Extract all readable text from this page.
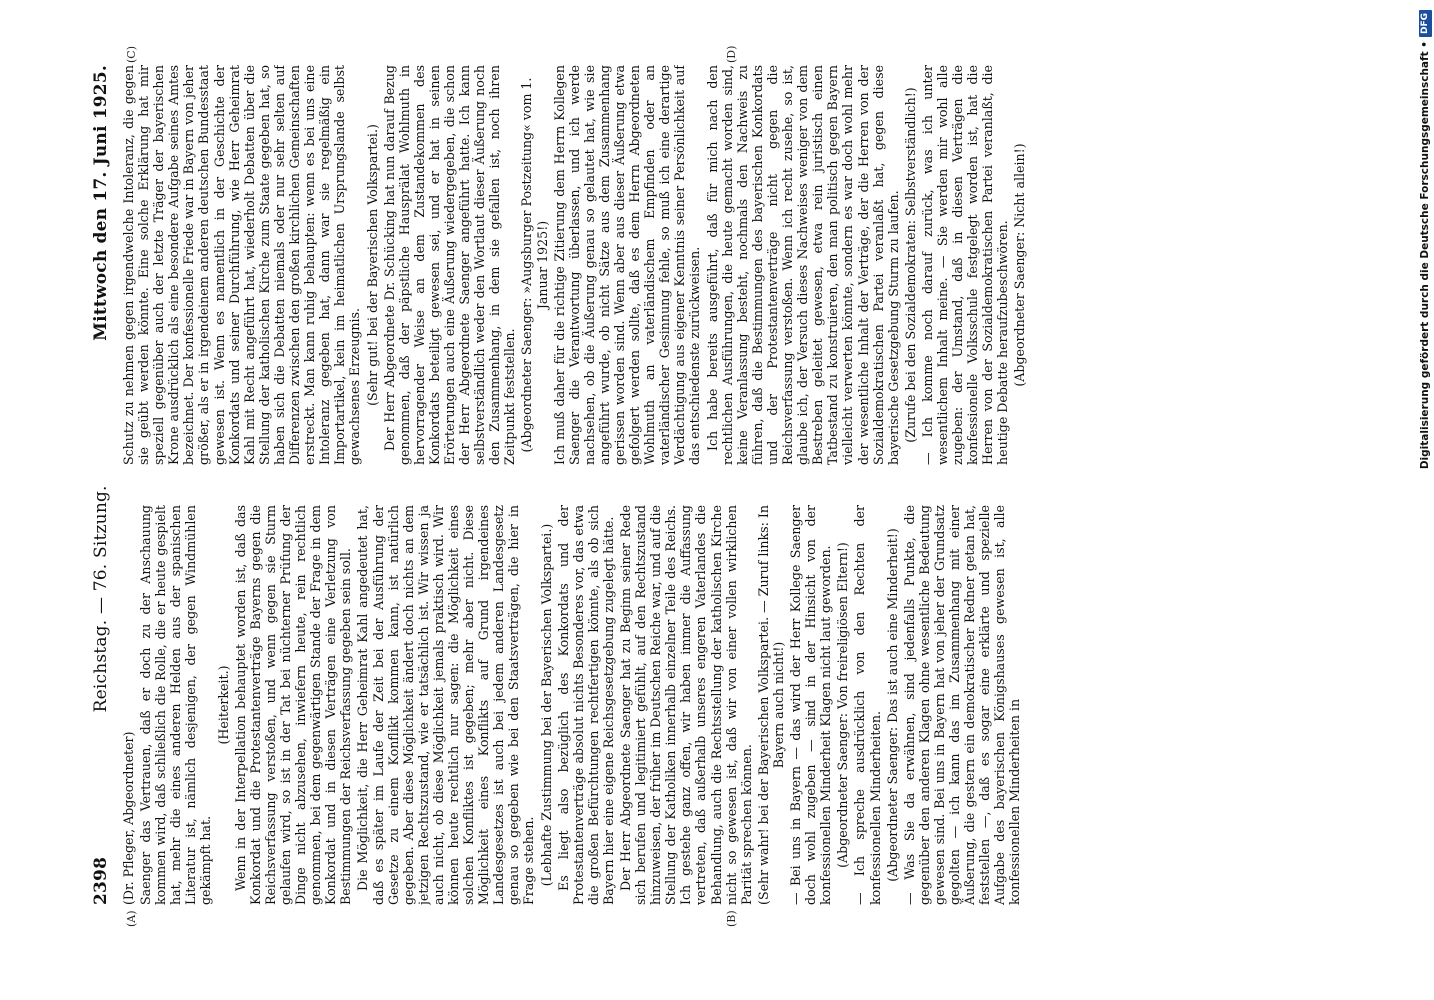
2398
Reichstag. — 76. Sitzung.
Mittwoch den 17. Juni 1925.
(A)	(B)
(C)	(D)

(Dr. Pfleger, Abgeordneter) Saenger das Vertrauen, daß er doch zu der Anschauung kommen wird, daß schließlich die Rolle, die er heute gespielt hat, mehr die eines anderen Helden aus der spanischen Literatur ist, nämlich desjenigen, der gegen Windmühlen gekämpft hat.

(Heiterkeit.) Wenn in der Interpellation behauptet worden ist, daß das Konkordat und die Protestantenverträge Bayerns gegen die Reichsverfassung verstoßen, und wenn gegen sie Sturm gelaufen wird, so ist in der Tat bei nüchterner Prüfung der Dinge nicht abzusehen, inwiefern heute, rein rechtlich genommen, bei dem gegenwärtigen Stande der Frage in dem Konkordat und in diesen Verträgen eine Verletzung von Bestimmungen der Reichsverfassung gegeben sein soll. Die Möglichkeit, die Herr Geheimrat Kahl angedeutet hat, daß es später im Laufe der Zeit bei der Ausführung der Gesetze zu einem Konflikt kommen kann, ist natürlich gegeben. Aber diese Möglichkeit ändert doch nichts an dem jetzigen Rechtszustand, wie er tatsächlich ist. Wir wissen ja auch nicht, ob diese Möglichkeit jemals praktisch wird. Wir können heute rechtlich nur sagen: die Möglichkeit eines solchen Konfliktes ist gegeben; mehr aber nicht. Diese Möglichkeit eines Konflikts auf Grund irgendeines Landesgesetzes ist auch bei jedem anderen Landesgesetz genau so gegeben wie bei den Staatsverträgen, die hier in Frage stehen. (Lebhafte Zustimmung bei der Bayerischen Volkspartei.) Es liegt also bezüglich des Konkordats und der Protestantenverträge absolut nichts Besonderes vor, das etwa die großen Befürchtungen rechtfertigen könnte, als ob sich Bayern hier eine eigene Reichsgesetzgebung zugelegt hätte. Der Herr Abgeordnete Saenger hat zu Beginn seiner Rede sich berufen und legitimiert gefühlt, auf den Rechtszustand hinzuweisen, der früher im Deutschen Reiche war, und auf die Stellung der Katholiken innerhalb einzelner Teile des Reichs. Ich gestehe ganz offen, wir haben immer die Auffassung vertreten, daß außerhalb unseres engeren Vaterlandes die Behandlung, auch die Rechtsstellung der katholischen Kirche nicht so gewesen ist, daß wir von einer vollen wirklichen Parität sprechen können. (Sehr wahr! bei der Bayerischen Volkspartei. — Zuruf links: In Bayern auch nicht!) — Bei uns in Bayern — das wird der Herr Kollege Saenger doch wohl zugeben — sind in der Hinsicht von der konfessionellen Minderheit Klagen nicht laut geworden. (Abgeordneter Saenger: Von freireligiösen Eltern!) — Ich spreche ausdrücklich von den Rechten der konfessionellen Minderheiten. (Abgeordneter Saenger: Das ist auch eine Minderheit!) — Was Sie da erwähnen, sind jedenfalls Punkte, die gegenüber den anderen Klagen ohne wesentliche Bedeutung gewesen sind. Bei uns in Bayern hat von jeher der Grundsatz gegolten — ich kann das im Zusammenhang mit einer Äußerung, die gestern ein demokratischer Redner getan hat, feststellen —, daß es sogar eine erklärte und spezielle Aufgabe des bayerischen Königshauses gewesen ist, alle konfessionellen Minderheiten in

Schutz zu nehmen gegen irgendwelche Intoleranz, die gegen sie geübt werden könnte. Eine solche Erklärung hat mir speziell gegenüber auch der letzte Träger der bayerischen Krone ausdrücklich als eine besondere Aufgabe seines Amtes bezeichnet. Der konfessionelle Friede war in Bayern von jeher größer, als er in irgendeinem anderen deutschen Bundesstaat gewesen ist. Wenn es namentlich in der Geschichte der Konkordats und seiner Durchführung, wie Herr Geheimrat Kahl mit Recht angeführt hat, wiederholt Debatten über die Stellung der katholischen Kirche zum Staate gegeben hat, so haben sich die Debatten niemals oder nur sehr selten auf Differenzen zwischen den großen kirchlichen Gemeinschaften erstreckt. Man kann ruhig behaupten: wenn es bei uns eine Intoleranz gegeben hat, dann war sie regelmäßig ein Importartikel, kein im heimatlichen Ursprungslande selbst gewachsenes Erzeugnis. (Sehr gut! bei der Bayerischen Volkspartei.) Der Herr Abgeordnete Dr. Schücking hat nun darauf Bezug genommen, daß der päpstliche Hausprälat Wohlmuth in hervorragender Weise an dem Zustandekommen des Konkordats beteiligt gewesen sei, und er hat in seinen Erörterungen auch eine Äußerung wiedergegeben, die schon der Herr Abgeordnete Saenger angeführt hatte. Ich kann selbstverständlich weder den Wortlaut dieser Äußerung noch den Zusammenhang, in dem sie gefallen ist, noch ihren Zeitpunkt feststellen. (Abgeordneter Saenger: »Augsburger Postzeitung« vom 1. Januar 1925!) Ich muß daher für die richtige Zitierung dem Herrn Kollegen Saenger die Verantwortung überlassen, und ich werde nachsehen, ob die Äußerung genau so gelautet hat, wie sie angeführt wurde, ob nicht Sätze aus dem Zusammenhang gerissen worden sind. Wenn aber aus dieser Äußerung etwa gefolgert werden sollte, daß es dem Herrn Abgeordneten Wohlmuth an vaterländischem Empfinden oder an vaterländischer Gesinnung fehle, so muß ich eine derartige Verdächtigung aus eigener Kenntnis seiner Persönlichkeit auf das entschiedenste zurückweisen. Ich habe bereits ausgeführt, daß für mich nach den rechtlichen Ausführungen, die heute gemacht worden sind, keine Veranlassung besteht, nochmals den Nachweis zu führen, daß die Bestimmungen des bayerischen Konkordats und der Protestantenverträge nicht gegen die Reichsverfassung verstoßen. Wenn ich recht zusehe, so ist, glaube ich, der Versuch dieses Nachweises weniger von dem Bestreben geleitet gewesen, etwa rein juristisch einen Tatbestand zu konstruieren, den man politisch gegen Bayern vielleicht verwerten könnte, sondern es war doch wohl mehr der wesentliche Inhalt der Verträge, der die Herren von der Sozialdemokratischen Partei veranlaßt hat, gegen diese bayerische Gesetzgebung Sturm zu laufen. (Zurufe bei den Sozialdemokraten: Selbstverständlich!) — Ich komme noch darauf zurück, was ich unter wesentlichem Inhalt meine. — Sie werden mir wohl alle zugeben: der Umstand, daß in diesen Verträgen die konfessionelle Volksschule festgelegt worden ist, hat die Herren von der Sozialdemokratischen Partei veranlaßt, die heutige Debatte heraufzubeschwören. (Abgeordneter Saenger: Nicht allein!)	Digitalisierung gefördert durch die Deutsche Forschungsgemeinschaft •
DFG
